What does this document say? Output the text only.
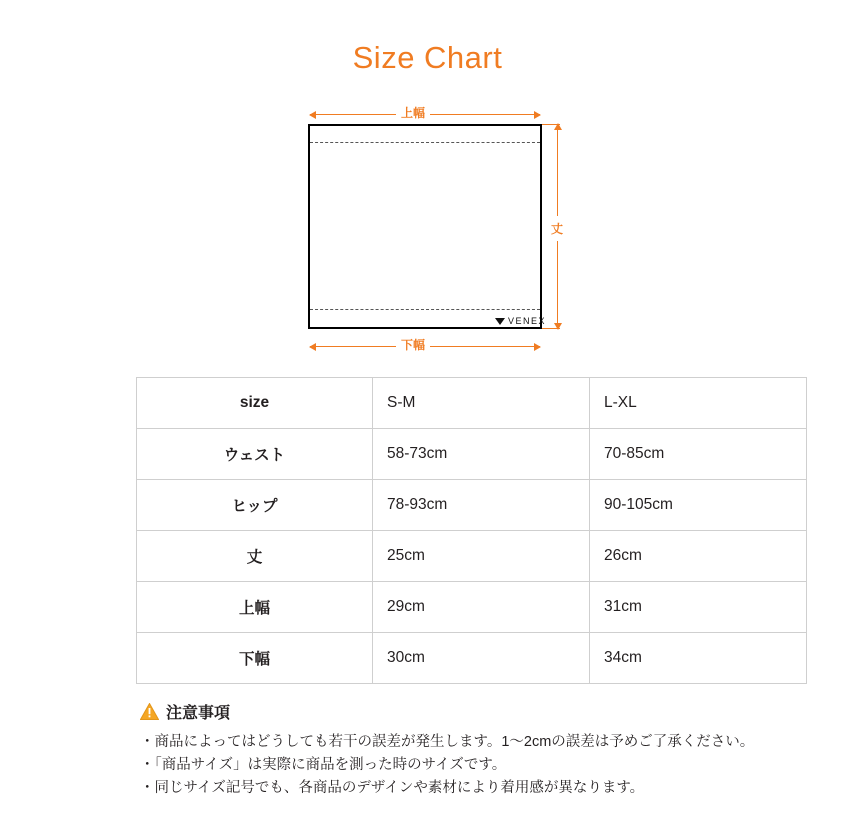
Size Chart
上幅
VENEX
丈
下幅
size	S-M	L-XL
ウェスト	58-73cm	70-85cm
ヒップ	78-93cm	90-105cm
丈	25cm	26cm
上幅	29cm	31cm
下幅	30cm	34cm
注意事項
・商品によってはどうしても若干の誤差が発生します。1〜2cmの誤差は予めご了承ください。
・「商品サイズ」は実際に商品を測った時のサイズです。
・同じサイズ記号でも、各商品のデザインや素材により着用感が異なります。
